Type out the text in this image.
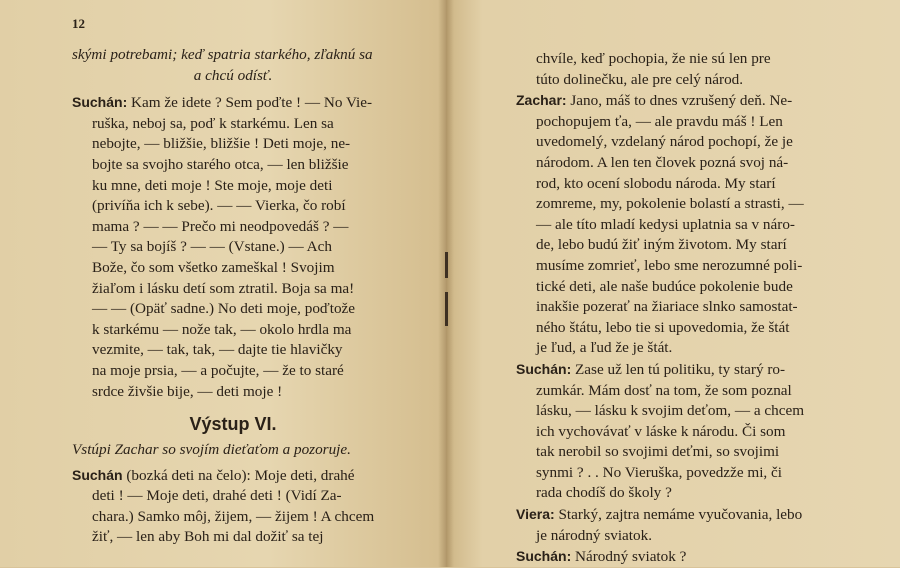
12
skými potrebami; keď spatria starkého, zľaknú sa
a chcú odísť.
Suchán: Kam že idete ? Sem poďte ! — No Vie-
ruška, neboj sa, poď k starkému. Len sa
nebojte, — bližšie, bližšie ! Deti moje, ne-
bojte sa svojho starého otca, — len bližšie
ku mne, deti moje ! Ste moje, moje deti
(privíňa ich k sebe). — — Vierka, čo robí
mama ? — — Prečo mi neodpovedáš ? —
— Ty sa bojíš ? — — (Vstane.) — Ach
Bože, čo som všetko zameškal ! Svojim
žiaľom i lásku detí som ztratil. Boja sa ma!
— — (Opäť sadne.) No deti moje, poďtože
k starkému — nože tak, — okolo hrdla ma
vezmite, — tak, tak, — dajte tie hlavičky
na moje prsia, — a počujte, — že to staré
srdce živšie bije, — deti moje !
Výstup VI.
Vstúpi Zachar so svojím dieťaťom a pozoruje.
Suchán (bozká deti na čelo): Moje deti, drahé
deti ! — Moje deti, drahé deti ! (Vidí Za-
chara.) Samko môj, žijem, — žijem ! A chcem
žiť, — len aby Boh mi dal dožiť sa tej
chvíle, keď pochopia, že nie sú len pre
túto dolinečku, ale pre celý národ.
Zachar: Jano, máš to dnes vzrušený deň. Ne-
pochopujem ťa, — ale pravdu máš ! Len
uvedomelý, vzdelaný národ pochopí, že je
národom. A len ten človek pozná svoj ná-
rod, kto ocení slobodu národa. My starí
zomreme, my, pokolenie bolastí a strasti, —
— ale títo mladí kedysi uplatnia sa v náro-
de, lebo budú žiť iným životom. My starí
musíme zomrieť, lebo sme nerozumné poli-
tické deti, ale naše budúce pokolenie bude
inakšie pozerať na žiariace slnko samostat-
ného štátu, lebo tie si upovedomia, že štát
je ľud, a ľud že je štát.
Suchán: Zase už len tú politiku, ty starý ro-
zumkár. Mám dosť na tom, že som poznal
lásku, — lásku k svojim deťom, — a chcem
ich vychovávať v láske k národu. Či som
tak nerobil so svojimi deťmi, so svojimi
synmi ? . . No Vieruška, povedzže mi, či
rada chodíš do školy ?
Viera: Starký, zajtra nemáme vyučovania, lebo
je národný sviatok.
Suchán: Národný sviatok ?
